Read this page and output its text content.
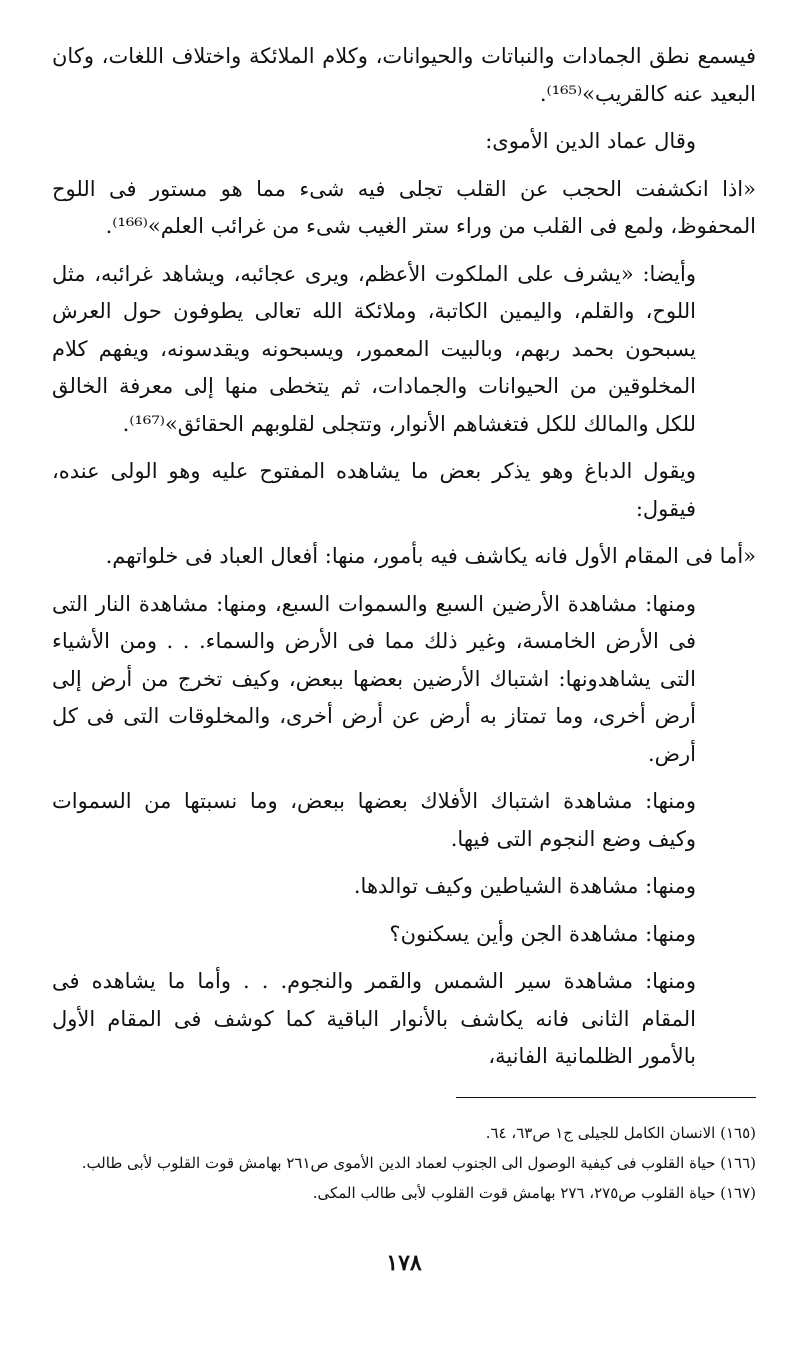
فيسمع نطق الجمادات والنباتات والحيوانات، وكلام الملائكة واختلاف اللغات، وكان البعيد عنه كالقريب»⁽¹⁶⁵⁾.

وقال عماد الدين الأموى:

«اذا انكشفت الحجب عن القلب تجلى فيه شىء مما هو مستور فى اللوح المحفوظ، ولمع فى القلب من وراء ستر الغيب شىء من غرائب العلم»⁽¹⁶⁶⁾.

وأيضا: «يشرف على الملكوت الأعظم، ويرى عجائبه، ويشاهد غرائبه، مثل اللوح، والقلم، واليمين الكاتبة، وملائكة الله تعالى يطوفون حول العرش يسبحون بحمد ربهم، وبالبيت المعمور، ويسبحونه ويقدسونه، ويفهم كلام المخلوقين من الحيوانات والجمادات، ثم يتخطى منها إلى معرفة الخالق للكل والمالك للكل فتغشاهم الأنوار، وتتجلى لقلوبهم الحقائق»⁽¹⁶⁷⁾.

ويقول الدباغ وهو يذكر بعض ما يشاهده المفتوح عليه وهو الولى عنده، فيقول:

«أما فى المقام الأول فانه يكاشف فيه بأمور، منها: أفعال العباد فى خلواتهم.

ومنها: مشاهدة الأرضين السبع والسموات السبع، ومنها: مشاهدة النار التى فى الأرض الخامسة، وغير ذلك مما فى الأرض والسماء. . . ومن الأشياء التى يشاهدونها: اشتباك الأرضين بعضها ببعض، وكيف تخرج من أرض إلى أرض أخرى، وما تمتاز به أرض عن أرض أخرى، والمخلوقات التى فى كل أرض.

ومنها: مشاهدة اشتباك الأفلاك بعضها ببعض، وما نسبتها من السموات وكيف وضع النجوم التى فيها.

ومنها: مشاهدة الشياطين وكيف توالدها.

ومنها: مشاهدة الجن وأين يسكنون؟

ومنها: مشاهدة سير الشمس والقمر والنجوم. . . وأما ما يشاهده فى المقام الثانى فانه يكاشف بالأنوار الباقية كما كوشف فى المقام الأول بالأمور الظلمانية الفانية،

(١٦٥) الانسان الكامل للجيلى ج١ ص٦٣، ٦٤.

(١٦٦) حياة القلوب فى كيفية الوصول الى الجنوب لعماد الدين الأموى ص٢٦١ بهامش قوت القلوب لأبى طالب.

(١٦٧) حياة القلوب ص٢٧٥، ٢٧٦ بهامش قوت القلوب لأبى طالب المكى.

١٧٨
